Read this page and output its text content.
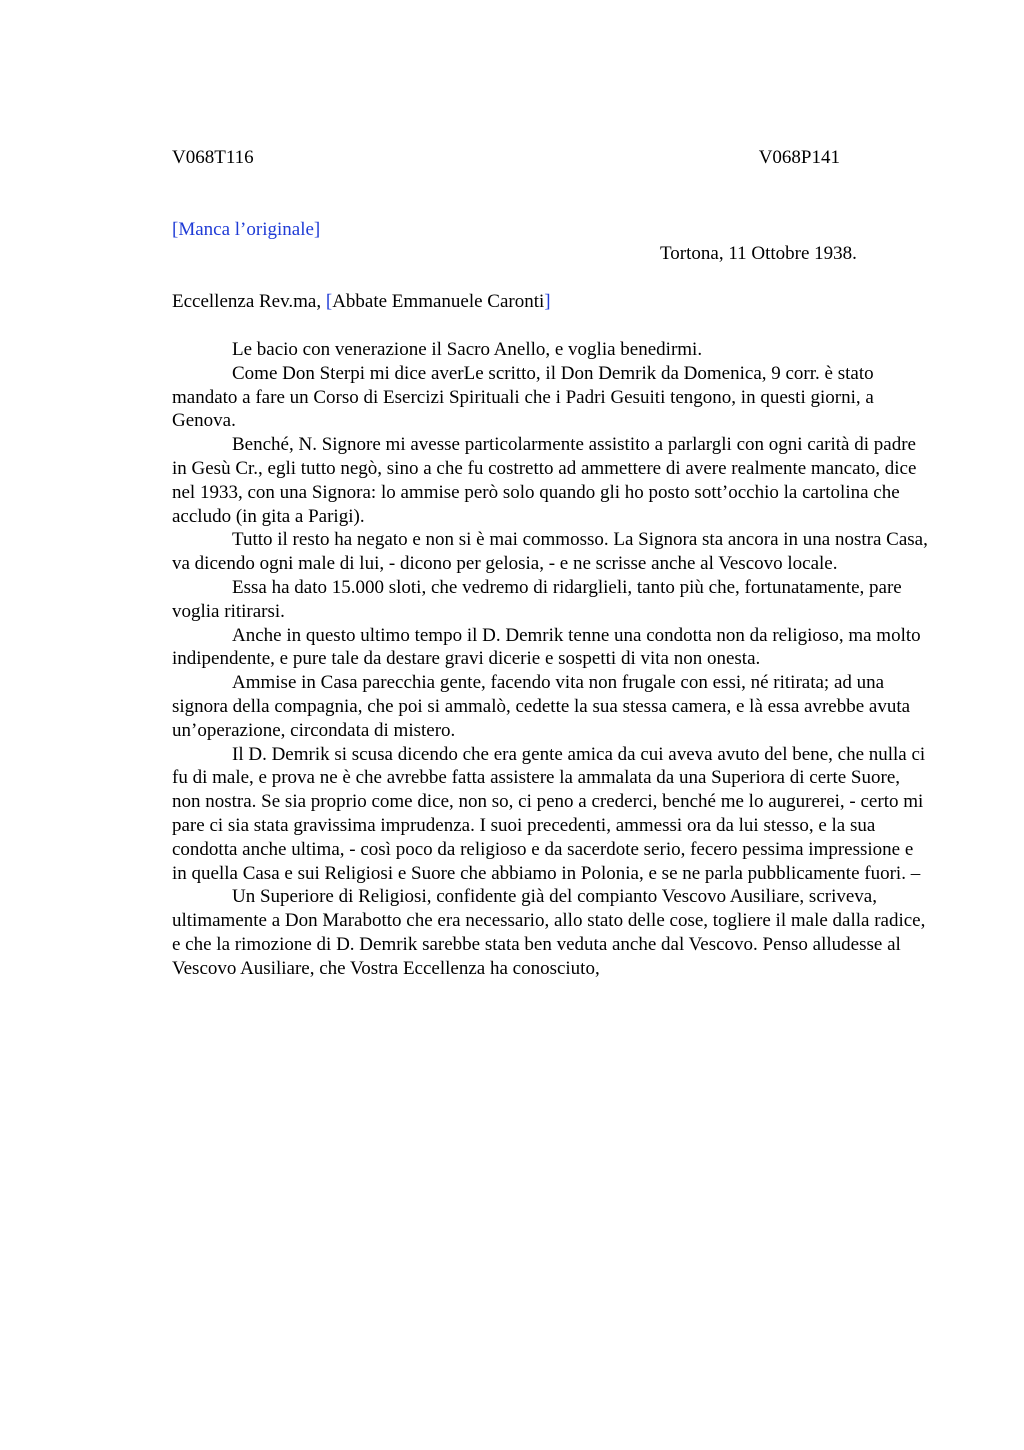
V068T116	V068P141
[Manca l’originale]
Tortona, 11 Ottobre 1938.
Eccellenza Rev.ma, [Abbate Emmanuele Caronti]

Le bacio con venerazione il Sacro Anello, e voglia benedirmi.

Come Don Sterpi mi dice averLe scritto, il Don Demrik da Domenica, 9 corr. è stato mandato a fare un Corso di Esercizi Spirituali che i Padri Gesuiti tengono, in questi giorni, a Genova.

Benché, N. Signore mi avesse particolarmente assistito a parlargli con ogni carità di padre in Gesù Cr., egli tutto negò, sino a che fu costretto ad ammettere di avere realmente mancato, dice nel 1933, con una Signora: lo ammise però solo quando gli ho posto sott’occhio la cartolina che accludo (in gita a Parigi).

Tutto il resto ha negato e non si è mai commosso. La Signora sta ancora in una nostra Casa, va dicendo ogni male di lui, - dicono per gelosia, - e ne scrisse anche al Vescovo locale.

Essa ha dato 15.000 sloti, che vedremo di ridarglieli, tanto più che, fortunatamente, pare voglia ritirarsi.

Anche in questo ultimo tempo il D. Demrik tenne una condotta non da religioso, ma molto indipendente, e pure tale da destare gravi dicerie e sospetti di vita non onesta.

Ammise in Casa parecchia gente, facendo vita non frugale con essi, né ritirata; ad una signora della compagnia, che poi si ammalò, cedette la sua stessa camera, e là essa avrebbe avuta un’operazione, circondata di mistero.

Il D. Demrik si scusa dicendo che era gente amica da cui aveva avuto del bene, che nulla ci fu di male, e prova ne è che avrebbe fatta assistere la ammalata da una Superiora di certe Suore, non nostra. Se sia proprio come dice, non so, ci peno a crederci, benché me lo augurerei, - certo mi pare ci sia stata gravissima imprudenza. I suoi precedenti, ammessi ora da lui stesso, e la sua condotta anche ultima, - così poco da religioso e da sacerdote serio, fecero pessima impressione e in quella Casa e sui Religiosi e Suore che abbiamo in Polonia, e se ne parla pubblicamente fuori. –

Un Superiore di Religiosi, confidente già del compianto Vescovo Ausiliare, scriveva, ultimamente a Don Marabotto che era necessario, allo stato delle cose, togliere il male dalla radice, e che la rimozione di D. Demrik sarebbe stata ben veduta anche dal Vescovo. Penso alludesse al Vescovo Ausiliare, che Vostra Eccellenza ha conosciuto,
